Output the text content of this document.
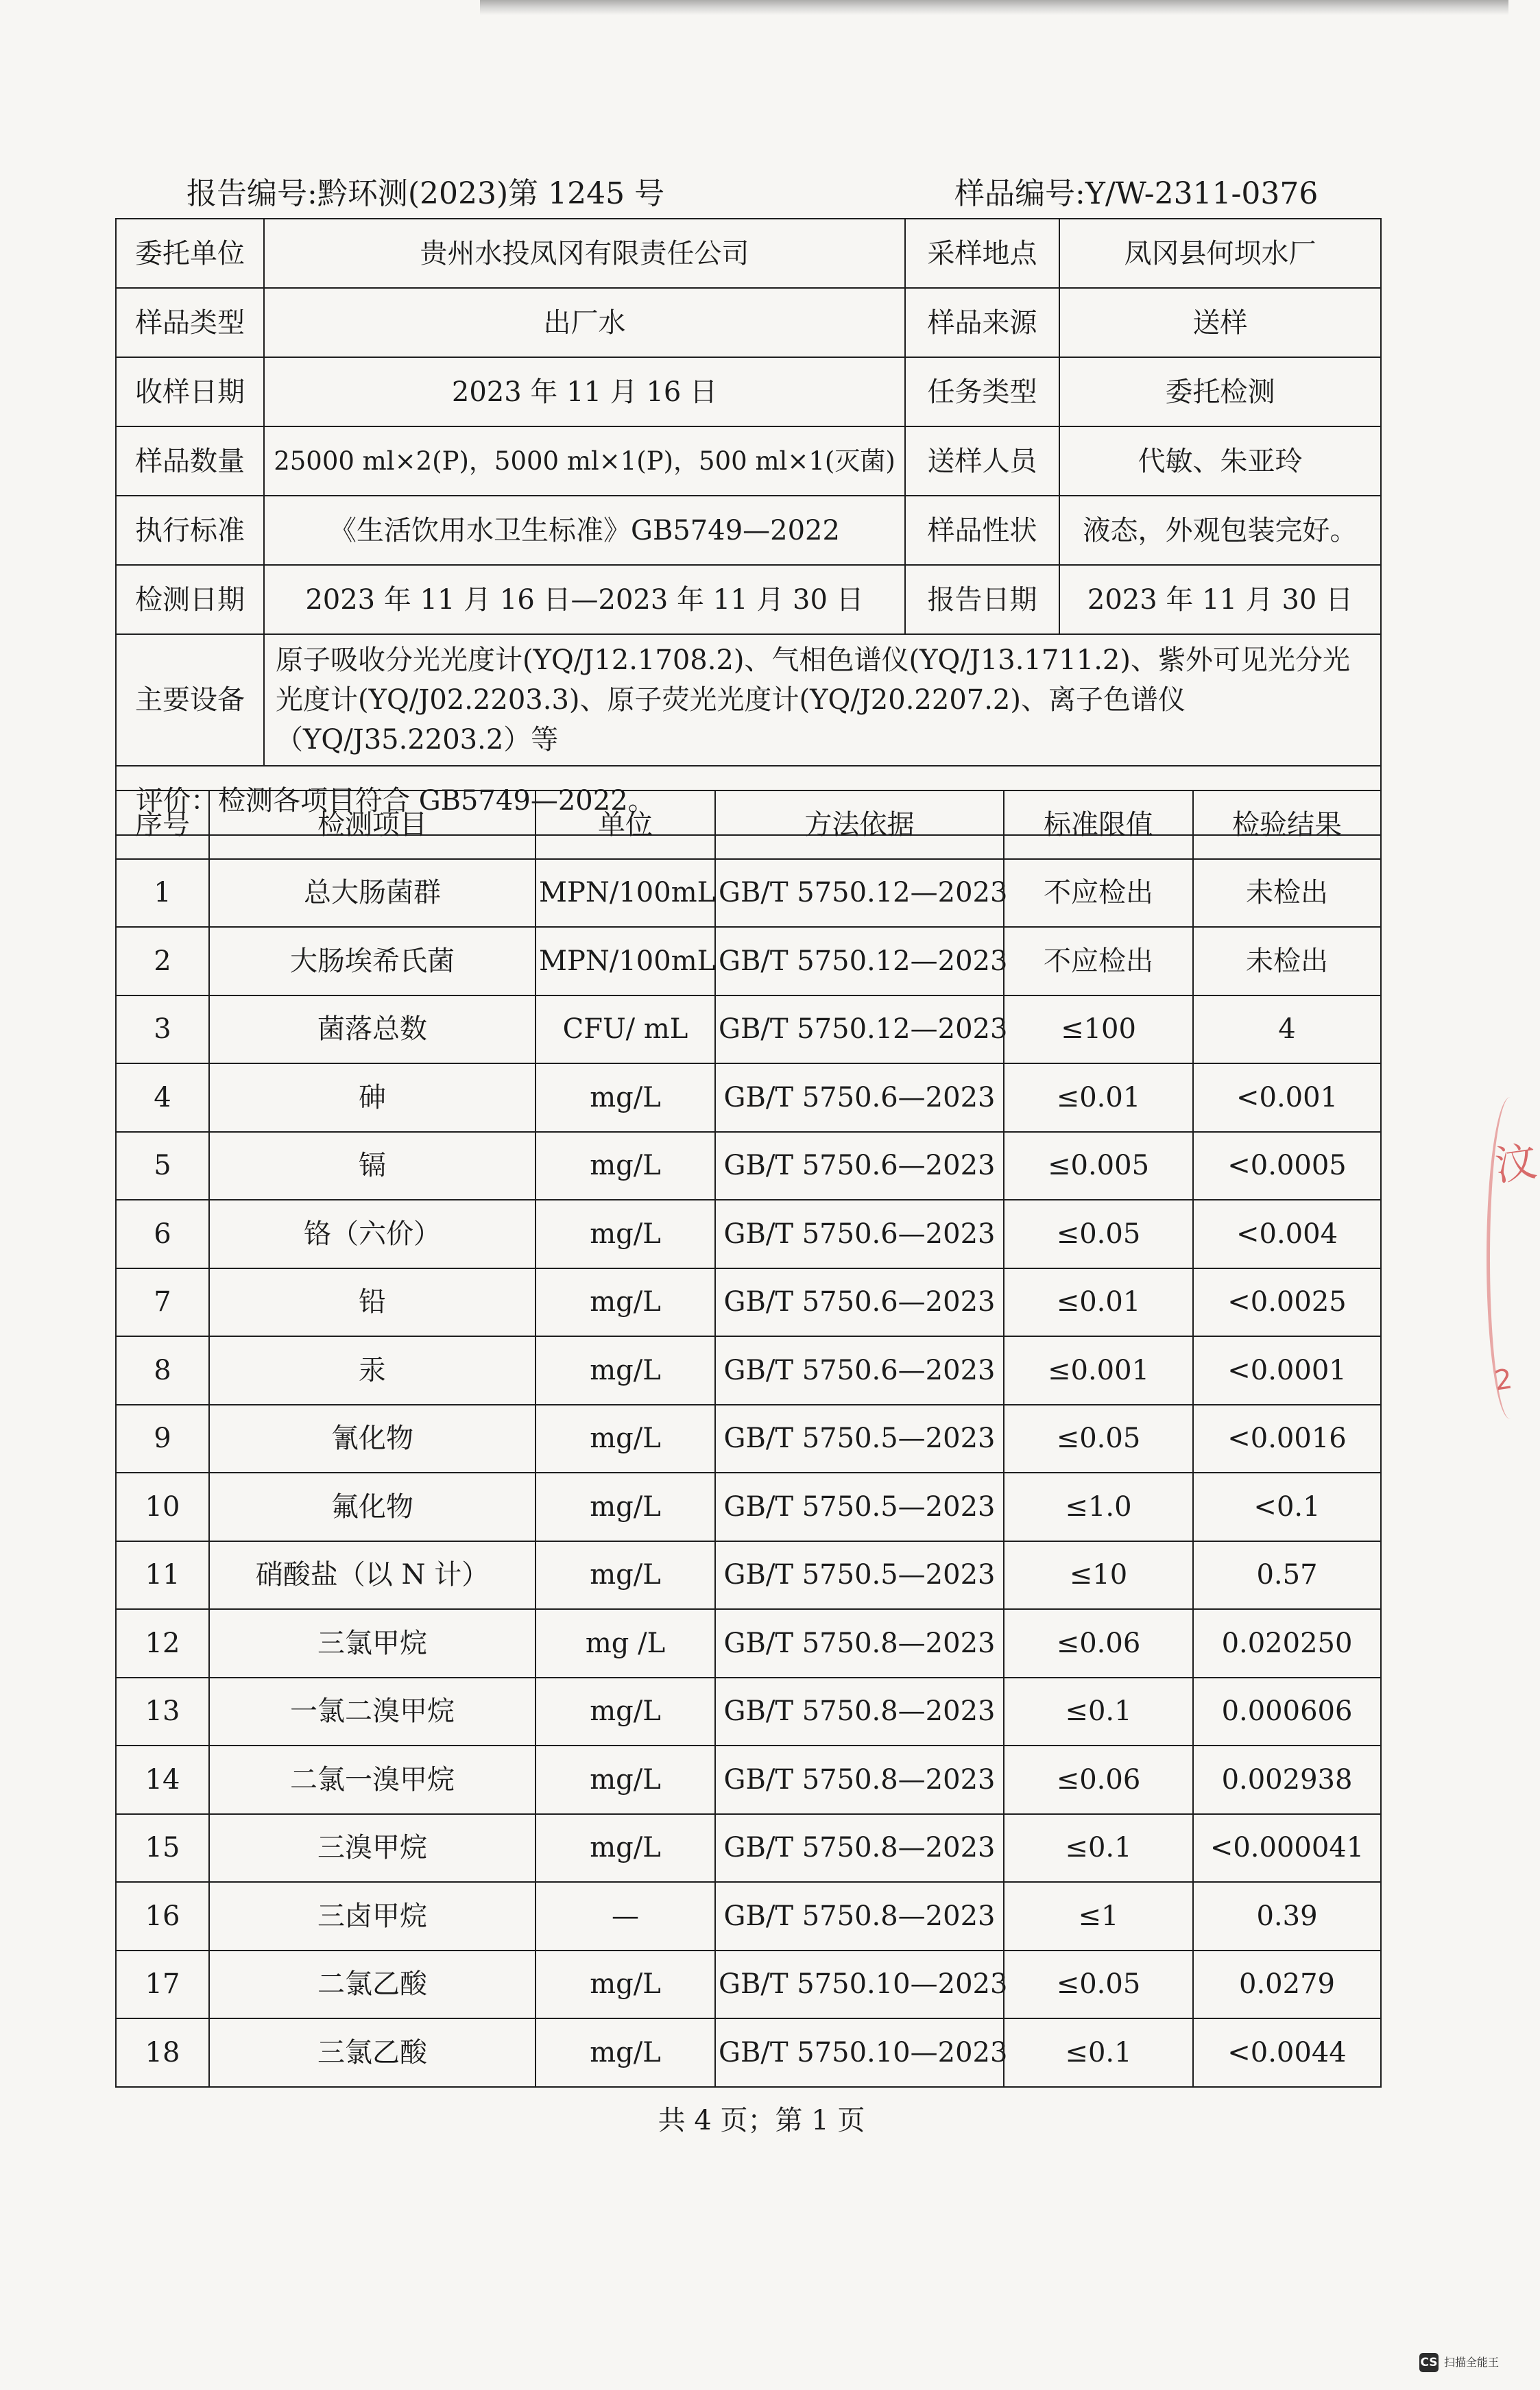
报告编号:黔环测(2023)第 1245 号	样品编号:Y/W-2311-0376
委托单位	贵州水投凤冈有限责任公司	采样地点	凤冈县何坝水厂
样品类型	出厂水	样品来源	送样
收样日期	2023 年 11 月 16 日	任务类型	委托检测
样品数量	25000 ml×2(P)，5000 ml×1(P)，500 ml×1(灭菌)	送样人员	代敏、朱亚玲
执行标准	《生活饮用水卫生标准》GB5749—2022	样品性状	液态，外观包装完好。
检测日期	2023 年 11 月 16 日—2023 年 11 月 30 日	报告日期	2023 年 11 月 30 日
主要设备	原子吸收分光光度计(YQ/J12.1708.2)、气相色谱仪(YQ/J13.1711.2)、紫外可见光分光光度计(YQ/J02.2203.3)、原子荧光光度计(YQ/J20.2207.2)、离子色谱仪（YQ/J35.2203.2）等		
评价：检测各项目符合 GB5749—2022。			
序号	检测项目	单位	方法依据	标准限值	检验结果
1	总大肠菌群	MPN/100mL	GB/T 5750.12—2023	不应检出	未检出
2	大肠埃希氏菌	MPN/100mL	GB/T 5750.12—2023	不应检出	未检出
3	菌落总数	CFU/ mL	GB/T 5750.12—2023	≤100	4
4	砷	mg/L	GB/T 5750.6—2023	≤0.01	<0.001
5	镉	mg/L	GB/T 5750.6—2023	≤0.005	<0.0005
6	铬（六价）	mg/L	GB/T 5750.6—2023	≤0.05	<0.004
7	铅	mg/L	GB/T 5750.6—2023	≤0.01	<0.0025
8	汞	mg/L	GB/T 5750.6—2023	≤0.001	<0.0001
9	氰化物	mg/L	GB/T 5750.5—2023	≤0.05	<0.0016
10	氟化物	mg/L	GB/T 5750.5—2023	≤1.0	<0.1
11	硝酸盐（以 N 计）	mg/L	GB/T 5750.5—2023	≤10	0.57
12	三氯甲烷	mg /L	GB/T 5750.8—2023	≤0.06	0.020250
13	一氯二溴甲烷	mg/L	GB/T 5750.8—2023	≤0.1	0.000606
14	二氯一溴甲烷	mg/L	GB/T 5750.8—2023	≤0.06	0.002938
15	三溴甲烷	mg/L	GB/T 5750.8—2023	≤0.1	<0.000041
16	三卤甲烷	—	GB/T 5750.8—2023	≤1	0.39
17	二氯乙酸	mg/L	GB/T 5750.10—2023	≤0.05	0.0279
18	三氯乙酸	mg/L	GB/T 5750.10—2023	≤0.1	<0.0044
共 4 页；第 1 页
汶
2
CS 扫描全能王
